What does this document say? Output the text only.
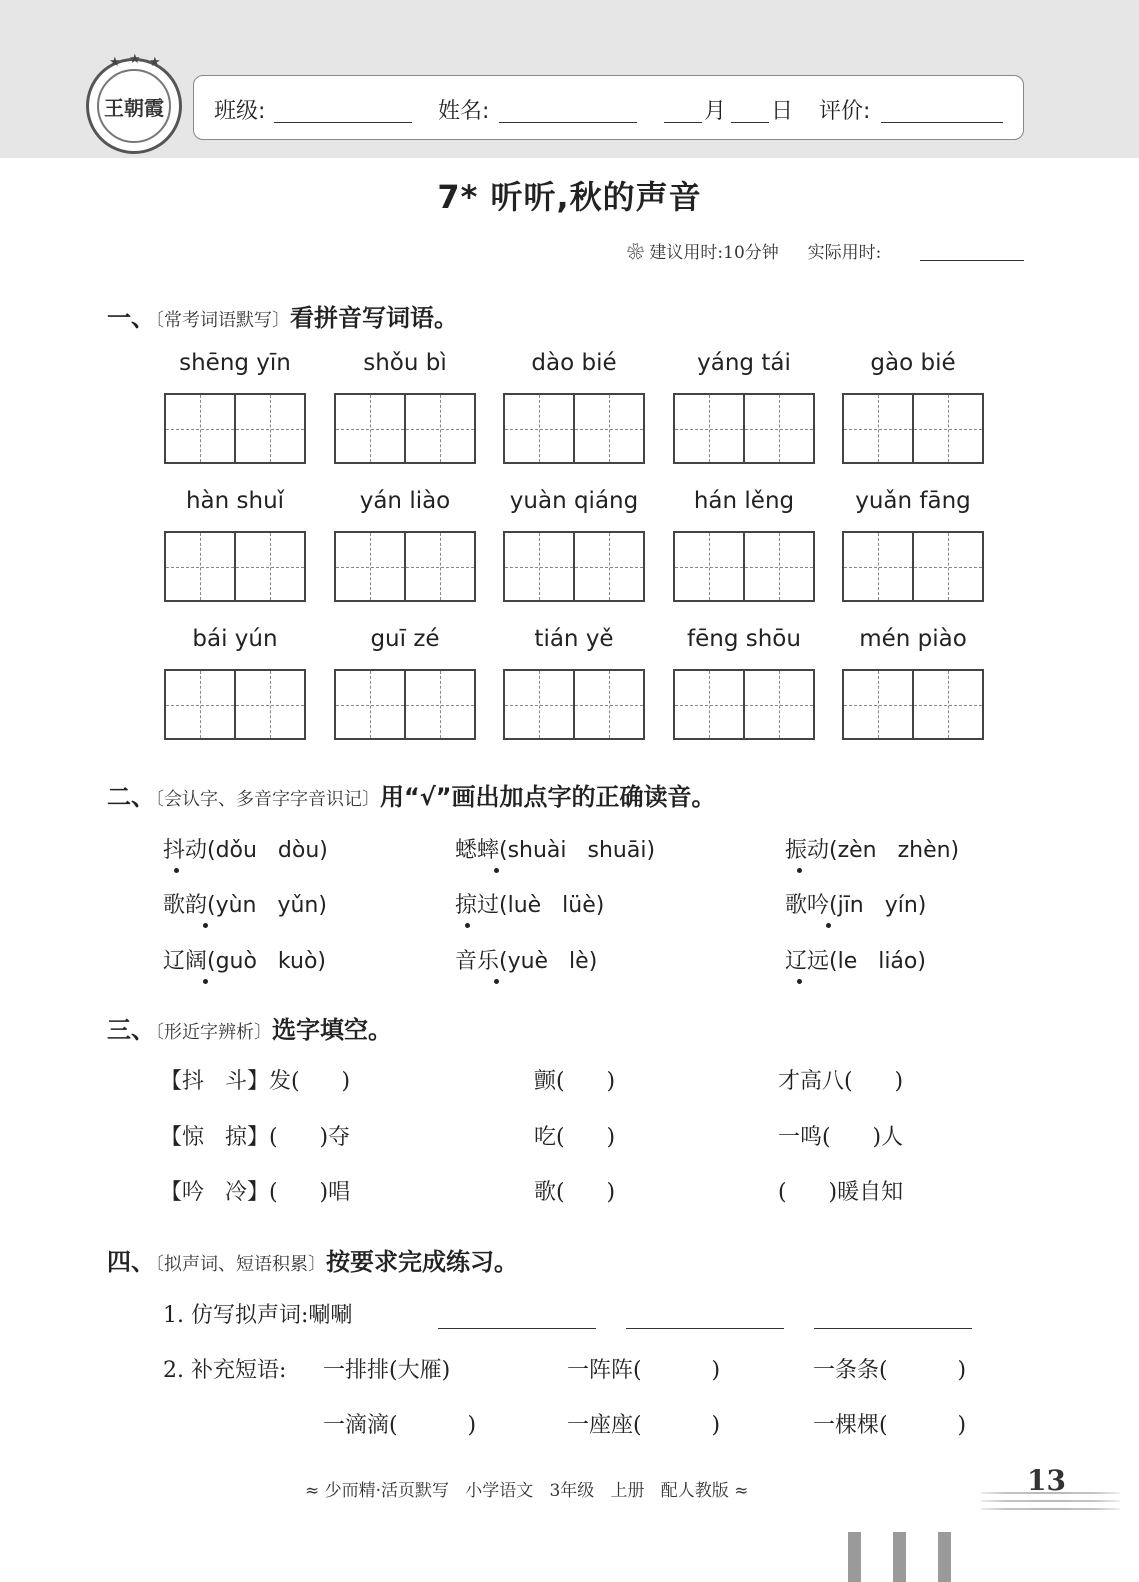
★ ★ ★
王朝霞 班级:	姓名:	月 日 评价:
7* 听听,秋的声音
❀ 建议用时:10分钟 实际用时:
一、〔常考词语默写〕看拼音写词语。
shēng yīn	shǒu bì	dào bié	yáng tái	gào bié
hàn shuǐ	yán liào	yuàn qiáng	hán lěng	yuǎn fāng
bái yún	guī zé	tián yě	fēng shōu	mén piào
二、〔会认字、多音字字音识记〕用“√”画出加点字的正确读音。
抖动(dǒu   dòu)	蟋蟀(shuài   shuāi)	振动(zèn   zhèn)
歌韵(yùn   yǔn)	掠过(luè   lüè)	歌吟(jīn   yín)
辽阔(guò   kuò)	音乐(yuè   lè)	辽远(le   liáo)
三、〔形近字辨析〕选字填空。
【抖   斗】发(      )	颤(      )	才高八(      )
【惊   掠】(      )夺	吃(      )	一鸣(      )人
【吟   冷】(      )唱	歌(      )	(      )暖自知
四、〔拟声词、短语积累〕按要求完成练习。
1. 仿写拟声词:唰唰
2. 补充短语: 一排排(大雁)	一阵阵(          )	一条条(          )
一滴滴(          )	一座座(          )	一棵棵(          )
≈ 少而精·活页默写   小学语文   3年级   上册   配人教版 ≈	13
